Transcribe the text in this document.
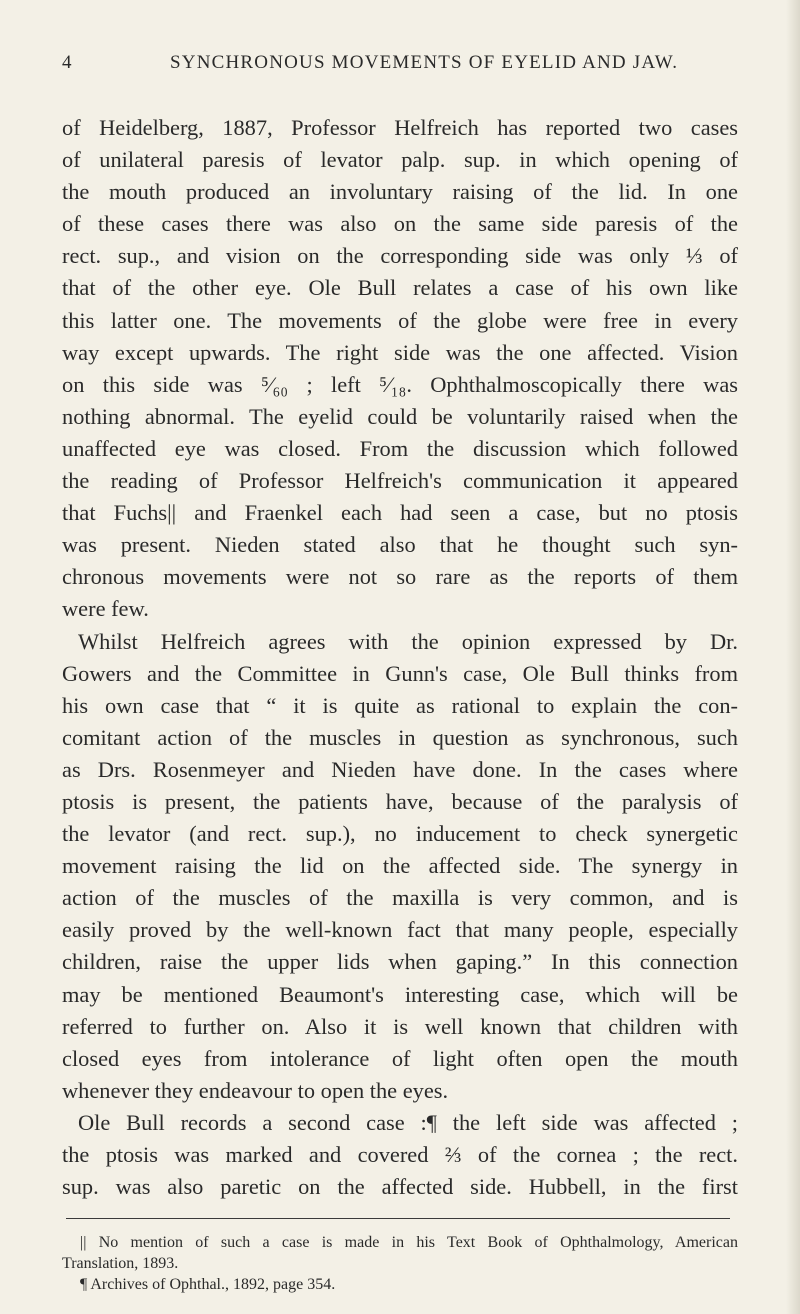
4	SYNCHRONOUS MOVEMENTS OF EYELID AND JAW.
of Heidelberg, 1887, Professor Helfreich has reported two cases
of unilateral paresis of levator palp. sup. in which opening of
the mouth produced an involuntary raising of the lid. In one
of these cases there was also on the same side paresis of the
rect. sup., and vision on the corresponding side was only ⅓ of
that of the other eye. Ole Bull relates a case of his own like
this latter one. The movements of the globe were free in every
way except upwards. The right side was the one affected. Vision
on this side was ⁵⁄₆₀ ; left ⁵⁄₁₈. Ophthalmoscopically there was
nothing abnormal. The eyelid could be voluntarily raised when the
unaffected eye was closed. From the discussion which followed
the reading of Professor Helfreich's communication it appeared
that Fuchs|| and Fraenkel each had seen a case, but no ptosis
was present. Nieden stated also that he thought such syn-
chronous movements were not so rare as the reports of them
were few.
Whilst Helfreich agrees with the opinion expressed by Dr.
Gowers and the Committee in Gunn's case, Ole Bull thinks from
his own case that “ it is quite as rational to explain the con-
comitant action of the muscles in question as synchronous, such
as Drs. Rosenmeyer and Nieden have done. In the cases where
ptosis is present, the patients have, because of the paralysis of
the levator (and rect. sup.), no inducement to check synergetic
movement raising the lid on the affected side. The synergy in
action of the muscles of the maxilla is very common, and is
easily proved by the well-known fact that many people, especially
children, raise the upper lids when gaping.” In this connection
may be mentioned Beaumont's interesting case, which will be
referred to further on. Also it is well known that children with
closed eyes from intolerance of light often open the mouth
whenever they endeavour to open the eyes.
Ole Bull records a second case :¶ the left side was affected ;
the ptosis was marked and covered ⅔ of the cornea ; the rect.
sup. was also paretic on the affected side. Hubbell, in the first
|| No mention of such a case is made in his Text Book of Ophthalmology, American
Translation, 1893.
¶ Archives of Ophthal., 1892, page 354.
